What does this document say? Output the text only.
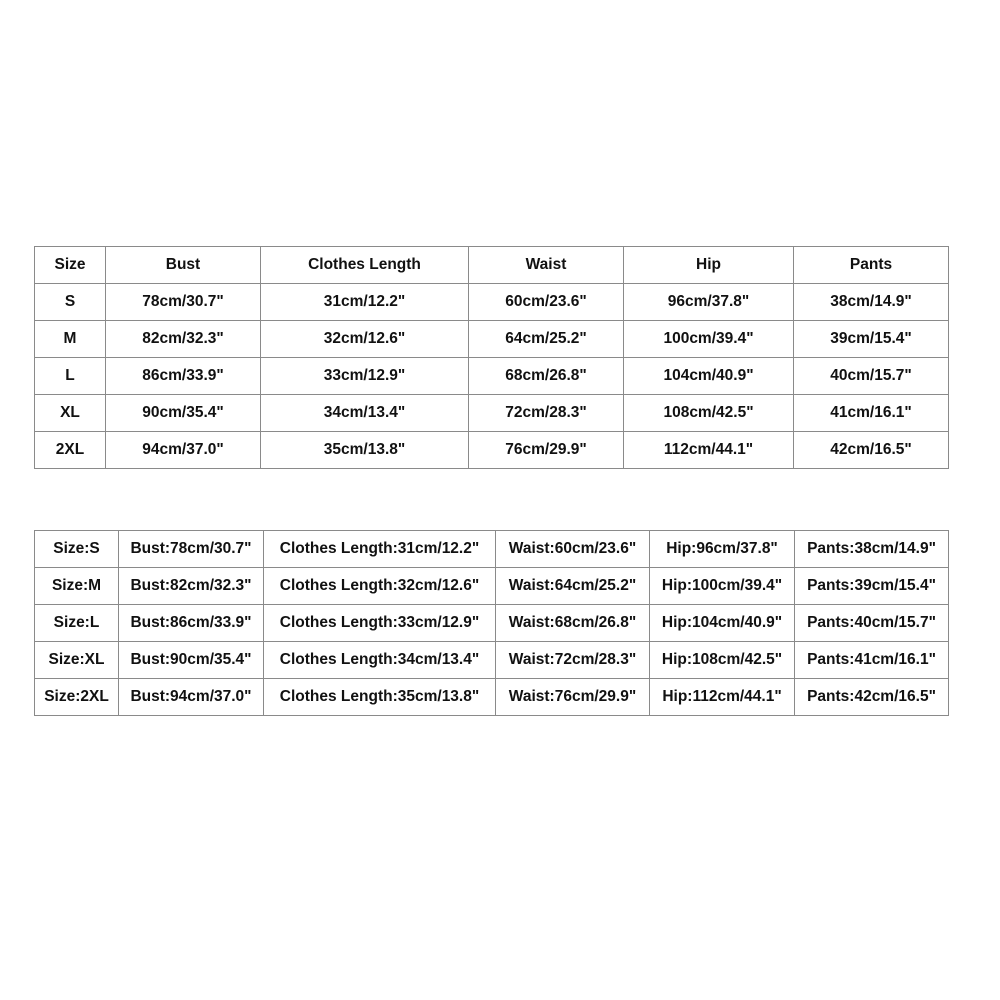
Size	Bust	Clothes Length	Waist	Hip	Pants
S	78cm/30.7"	31cm/12.2"	60cm/23.6"	96cm/37.8"	38cm/14.9"
M	82cm/32.3"	32cm/12.6"	64cm/25.2"	100cm/39.4"	39cm/15.4"
L	86cm/33.9"	33cm/12.9"	68cm/26.8"	104cm/40.9"	40cm/15.7"
XL	90cm/35.4"	34cm/13.4"	72cm/28.3"	108cm/42.5"	41cm/16.1"
2XL	94cm/37.0"	35cm/13.8"	76cm/29.9"	112cm/44.1"	42cm/16.5"
Size:S	Bust:78cm/30.7"	Clothes Length:31cm/12.2"	Waist:60cm/23.6"	Hip:96cm/37.8"	Pants:38cm/14.9"
Size:M	Bust:82cm/32.3"	Clothes Length:32cm/12.6"	Waist:64cm/25.2"	Hip:100cm/39.4"	Pants:39cm/15.4"
Size:L	Bust:86cm/33.9"	Clothes Length:33cm/12.9"	Waist:68cm/26.8"	Hip:104cm/40.9"	Pants:40cm/15.7"
Size:XL	Bust:90cm/35.4"	Clothes Length:34cm/13.4"	Waist:72cm/28.3"	Hip:108cm/42.5"	Pants:41cm/16.1"
Size:2XL	Bust:94cm/37.0"	Clothes Length:35cm/13.8"	Waist:76cm/29.9"	Hip:112cm/44.1"	Pants:42cm/16.5"
